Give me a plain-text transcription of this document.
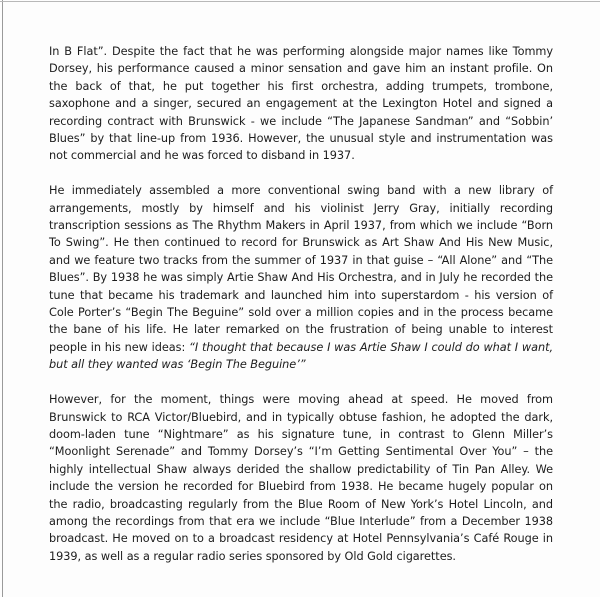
In B Flat”. Despite the fact that he was performing alongside major names like Tommy Dorsey, his performance caused a minor sensation and gave him an instant profile. On the back of that, he put together his first orchestra, adding trumpets, trombone, saxophone and a singer, secured an engagement at the Lexington Hotel and signed a recording contract with Brunswick - we include “The Japanese Sandman” and “Sobbin’ Blues” by that line-up from 1936. However, the unusual style and instrumentation was not commercial and he was forced to disband in 1937.

He immediately assembled a more conventional swing band with a new library of arrangements, mostly by himself and his violinist Jerry Gray, initially recording transcription sessions as The Rhythm Makers in April 1937, from which we include “Born To Swing”. He then continued to record for Brunswick as Art Shaw And His New Music, and we feature two tracks from the summer of 1937 in that guise – “All Alone” and “The Blues”. By 1938 he was simply Artie Shaw And His Orchestra, and in July he recorded the tune that became his trademark and launched him into superstardom - his version of Cole Porter’s “Begin The Beguine” sold over a million copies and in the process became the bane of his life. He later remarked on the frustration of being unable to interest people in his new ideas: “I thought that because I was Artie Shaw I could do what I want, but all they wanted was ‘Begin The Beguine’”

However, for the moment, things were moving ahead at speed. He moved from Brunswick to RCA Victor/Bluebird, and in typically obtuse fashion, he adopted the dark, doom-laden tune “Nightmare” as his signature tune, in contrast to Glenn Miller’s “Moonlight Serenade” and Tommy Dorsey’s “I’m Getting Sentimental Over You” – the highly intellectual Shaw always derided the shallow predictability of Tin Pan Alley. We include the version he recorded for Bluebird from 1938. He became hugely popular on the radio, broadcasting regularly from the Blue Room of New York’s Hotel Lincoln, and among the recordings from that era we include “Blue Interlude” from a December 1938 broadcast. He moved on to a broadcast residency at Hotel Pennsylvania’s Café Rouge in 1939, as well as a regular radio series sponsored by Old Gold cigarettes.
